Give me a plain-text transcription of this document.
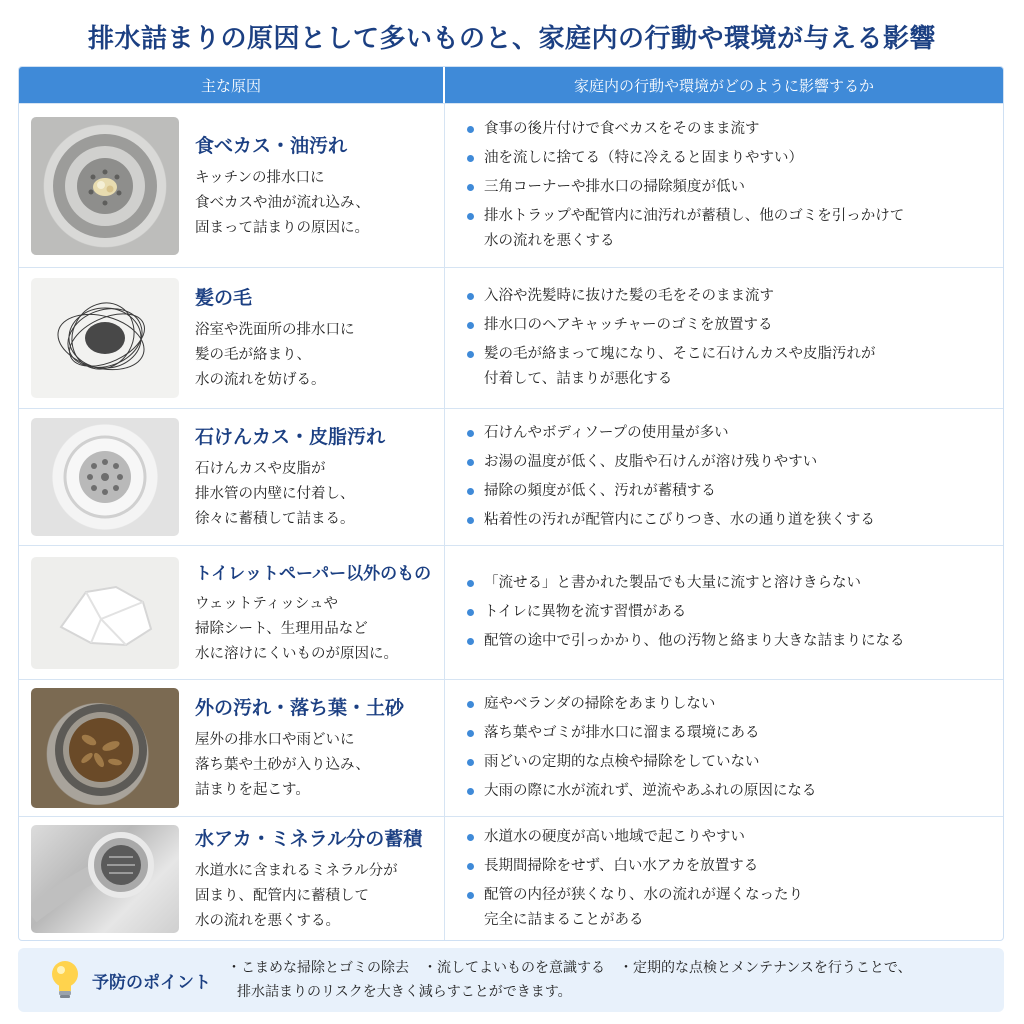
排水詰まりの原因として多いものと、家庭内の行動や環境が与える影響
主な原因	家庭内の行動や環境がどのように影響するか
食べカス・油汚れ
キッチンの排水口に
食べカスや油が流れ込み、
固まって詰まりの原因に。
食事の後片付けで食べカスをそのまま流す
油を流しに捨てる（特に冷えると固まりやすい）
三角コーナーや排水口の掃除頻度が低い
排水トラップや配管内に油汚れが蓄積し、他のゴミを引っかけて
水の流れを悪くする
髪の毛
浴室や洗面所の排水口に
髪の毛が絡まり、
水の流れを妨げる。
入浴や洗髪時に抜けた髪の毛をそのまま流す
排水口のヘアキャッチャーのゴミを放置する
髪の毛が絡まって塊になり、そこに石けんカスや皮脂汚れが
付着して、詰まりが悪化する
石けんカス・皮脂汚れ
石けんカスや皮脂が
排水管の内壁に付着し、
徐々に蓄積して詰まる。
石けんやボディソープの使用量が多い
お湯の温度が低く、皮脂や石けんが溶け残りやすい
掃除の頻度が低く、汚れが蓄積する
粘着性の汚れが配管内にこびりつき、水の通り道を狭くする
トイレットペーパー以外のもの
ウェットティッシュや
掃除シート、生理用品など
水に溶けにくいものが原因に。
「流せる」と書かれた製品でも大量に流すと溶けきらない
トイレに異物を流す習慣がある
配管の途中で引っかかり、他の汚物と絡まり大きな詰まりになる
外の汚れ・落ち葉・土砂
屋外の排水口や雨どいに
落ち葉や土砂が入り込み、
詰まりを起こす。
庭やベランダの掃除をあまりしない
落ち葉やゴミが排水口に溜まる環境にある
雨どいの定期的な点検や掃除をしていない
大雨の際に水が流れず、逆流やあふれの原因になる
水アカ・ミネラル分の蓄積
水道水に含まれるミネラル分が
固まり、配管内に蓄積して
水の流れを悪くする。
水道水の硬度が高い地域で起こりやすい
長期間掃除をせず、白い水アカを放置する
配管の内径が狭くなり、水の流れが遅くなったり
完全に詰まることがある
予防のポイント
・こまめな掃除とゴミの除去　・流してよいものを意識する　・定期的な点検とメンテナンスを行うことで、
排水詰まりのリスクを大きく減らすことができます。
